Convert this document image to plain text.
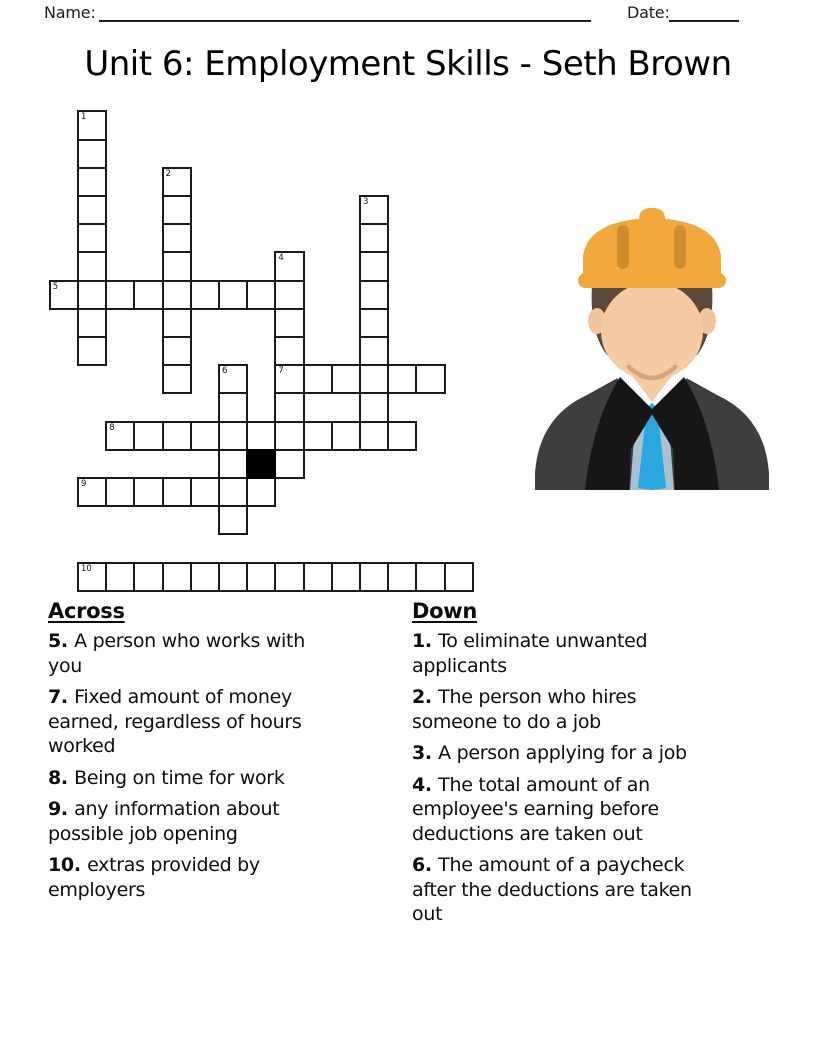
Name:	Date:
Unit 6: Employment Skills - Seth Brown
1
2
3
4
7
5
6
8
9
10
Across
5. A person who works with you
7. Fixed amount of money earned, regardless of hours worked
8. Being on time for work
9. any information about possible job opening
10. extras provided by employers
Down
1. To eliminate unwanted applicants
2. The person who hires someone to do a job
3. A person applying for a job
4. The total amount of an employee's earning before deductions are taken out
6. The amount of a paycheck after the deductions are taken out
